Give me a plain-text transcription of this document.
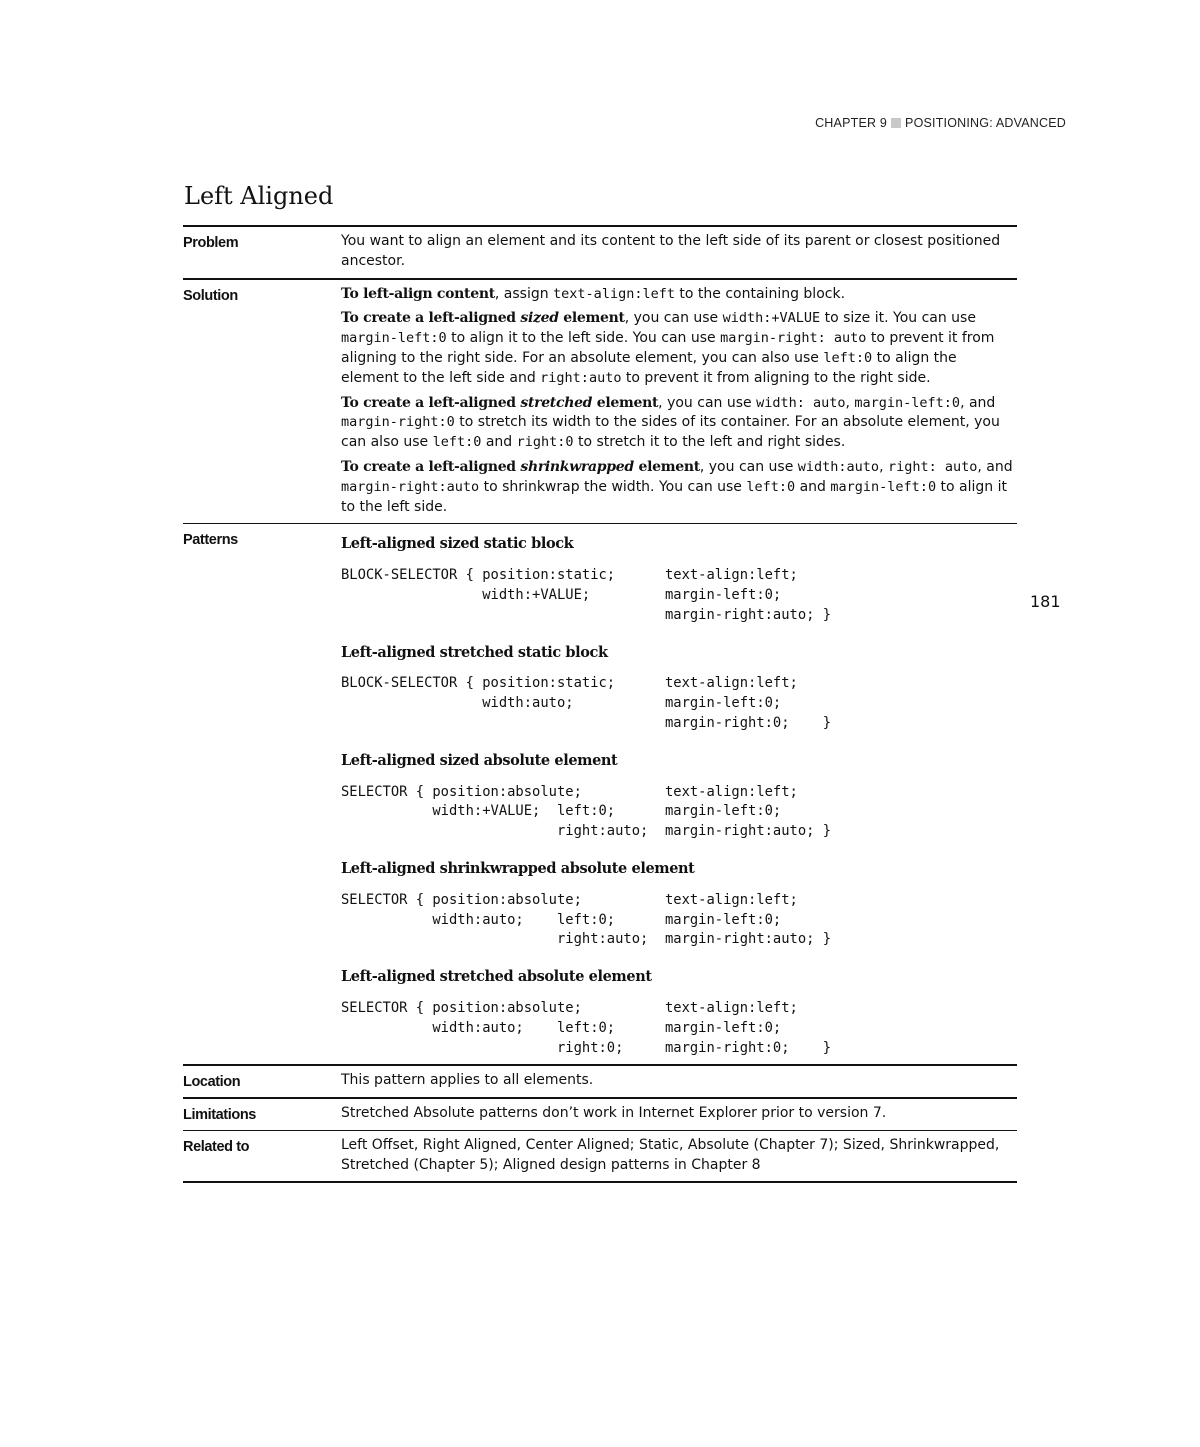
CHAPTER 9 POSITIONING: ADVANCED
Left Aligned
Problem	You want to align an element and its content to the left side of its parent or closest positioned ancestor.
Solution	To left-align content, assign text-align:left to the containing block.

To create a left-aligned sized element, you can use width:+VALUE to size it. You can use margin-left:0 to align it to the left side. You can use margin-right: auto to prevent it from aligning to the right side. For an absolute element, you can also use left:0 to align the element to the left side and right:auto to prevent it from aligning to the right side.

To create a left-aligned stretched element, you can use width: auto, margin-left:0, and margin-right:0 to stretch its width to the sides of its container. For an absolute element, you can also use left:0 and right:0 to stretch it to the left and right sides.

To create a left-aligned shrinkwrapped element, you can use width:auto, right: auto, and margin-right:auto to shrinkwrap the width. You can use left:0 and margin-left:0 to align it to the left side.

Patterns	Left-aligned sized static block
BLOCK-SELECTOR { position:static;      text-align:left;
width:+VALUE;         margin-left:0;
margin-right:auto; }
Left-aligned stretched static block
BLOCK-SELECTOR { position:static;      text-align:left;
width:auto;           margin-left:0;
margin-right:0;    }
Left-aligned sized absolute element
SELECTOR { position:absolute;          text-align:left;
width:+VALUE;  left:0;      margin-left:0;
right:auto;  margin-right:auto; }
Left-aligned shrinkwrapped absolute element
SELECTOR { position:absolute;          text-align:left;
width:auto;    left:0;      margin-left:0;
right:auto;  margin-right:auto; }
Left-aligned stretched absolute element
SELECTOR { position:absolute;          text-align:left;
width:auto;    left:0;      margin-left:0;
right:0;     margin-right:0;    }
Location	This pattern applies to all elements.
Limitations	Stretched Absolute patterns don’t work in Internet Explorer prior to version 7.
Related to	Left Offset, Right Aligned, Center Aligned; Static, Absolute (Chapter 7); Sized, Shrinkwrapped, Stretched (Chapter 5); Aligned design patterns in Chapter 8
181
